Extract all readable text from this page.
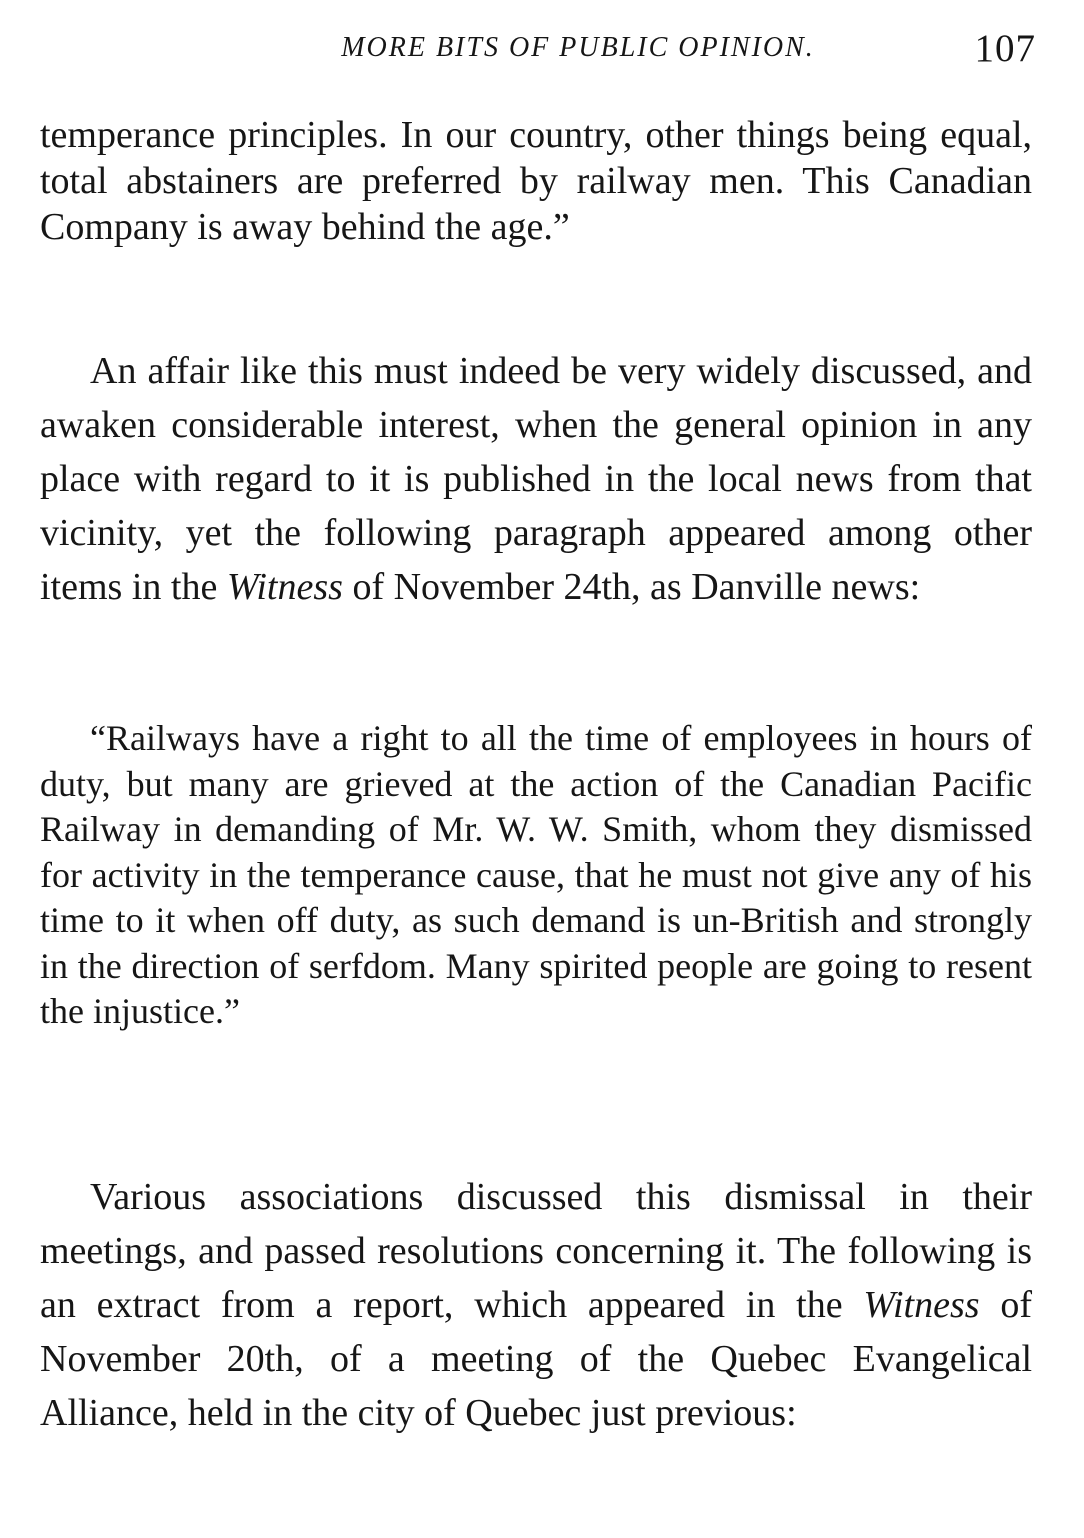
MORE BITS OF PUBLIC OPINION.	107

temperance principles. In our country, other things being equal, total abstainers are preferred by railway men. This Canadian Company is away behind the age.”

An affair like this must indeed be very widely discussed, and awaken considerable interest, when the general opinion in any place with regard to it is published in the local news from that vicinity, yet the following paragraph appeared among other items in the Witness of November 24th, as Danville news:

“Railways have a right to all the time of employees in hours of duty, but many are grieved at the action of the Canadian Pacific Railway in demanding of Mr. W. W. Smith, whom they dismissed for activity in the temperance cause, that he must not give any of his time to it when off duty, as such demand is un-British and strongly in the direction of serfdom. Many spirited people are going to resent the injustice.”

Various associations discussed this dismissal in their meetings, and passed resolutions concerning it. The following is an extract from a report, which appeared in the Witness of November 20th, of a meeting of the Quebec Evangelical Alliance, held in the city of Quebec just previous:
